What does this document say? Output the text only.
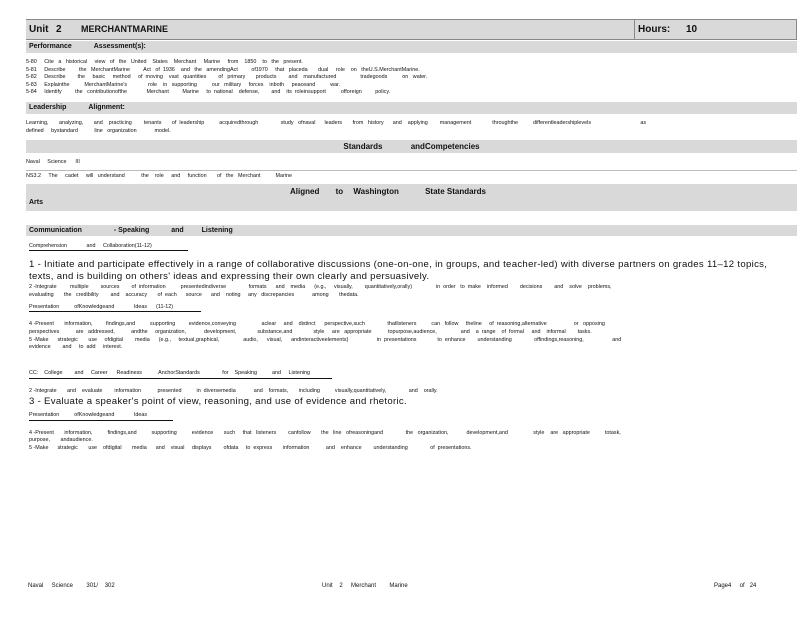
Unit 2 MERCHANTMARINE	Hours: 10
Performance	Assessment(s):
5-80     Cite   a   historical     view   of   the   United    States    Merchant     Marine     from    1850    to   the   present.
5-81     Describe         the   MerchantMarine         Act   of  1936    and   the   amendingAct         of1970     that   placeda       dual     role    on   theU.S.MerchantMarine.
5-82     Describe        the     basic     method     of  moving    vast   quantities        of   primary       products        and    manufactured                tradegoods          on   water.
5-83     Explainthe          MerchantMarine's              role    in   supporting          our   military     forces    inboth     peaceand          war.
5-84     Identify         the   contributionofthe             Merchant         Marine     to  national    defense,        and    its  roleinsupport          offoreign         policy.
Leadership	Alignment:
Learning,       analyzing,       and    practicing        tenants       of  leadership          acquiredthrough               study   ofnaval      leaders       from   history      and    applying        management              throughthe          differentleadershiplevels                                 as
defined     bystandard           line   organization            model.
Standards	andCompetencies
Naval     Science      III
NS3.2     The     cadet     will   understand           the    role     and     function       of   the   Merchant          Marine
Aligned to Washington	State Standards
Arts
Communication	- Speaking	and	Listening
Comprehension             and     Collaboration(11-12)
1 - Initiate and participate effectively in a range of collaborative discussions (one-on-one, in groups, and teacher-led) with diverse partners on grades 11–12 topics, texts, and is building on others' ideas and expressing their own clearly and persuasively.
2 -Integrate         multiple        sources        of  information          presentedindiverse               formats      and    media      (e.g.,     visually,        quantitatively,orally)                in  order   to  make    informed        decisions        and    solve    problems,
evaluating       the   credibility        and    accuracy       of  each      source      and    noting     any   discrepancies            among       thedata.
Presentation          ofKnowledgeand             Ideas      (11-12)
4 -Present       information,         findings,and          supporting         evidence,conveying                 aclear     and    distinct      perspective,such               thatlisteners          can   follow     theline     of  reasoning,alternative                  or   opposing
perspectives           are   addressed,           andthe     organization,            development,              substance,and              style     are   appropriate           topurpose,audience,                and    a  range    of  formal     and    informal        tasks.
5 -Make      strategic       use     ofdigital        media      (e.g.,     textual,graphical,                audio,      visual,      andinteractiveelements)                   in  presentations              to  enhance        understanding               offindings,reasoning,                   and
evidence        and     to  add     interest.
CC:    College        and     Career      Readiness           AnchorStandards               for    Speaking          and     Listening
2 -Integrate       and    evaluate        information           presented          in  diversemedia            and    formats,       including          visually,quantitatively,               and    orally.
3 - Evaluate a speaker's point of view, reasoning, and use of evidence and rhetoric.
Presentation          ofKnowledgeand             Ideas
4 -Present       information,          findings,and          supporting          evidence       such     that   listeners        canfollow       the   line   ofreasoningand               the   organization,            development,and                 style    are   appropriate          totask,
purpose,       andaudience.
5 -Make      strategic       use    ofdigital       media      and    visual     displays        ofdata     to  express       information           and    enhance        understanding               of  presentations.
Naval     Science        301/    302	Unit    2     Merchant        Marine	Page4     of   24
